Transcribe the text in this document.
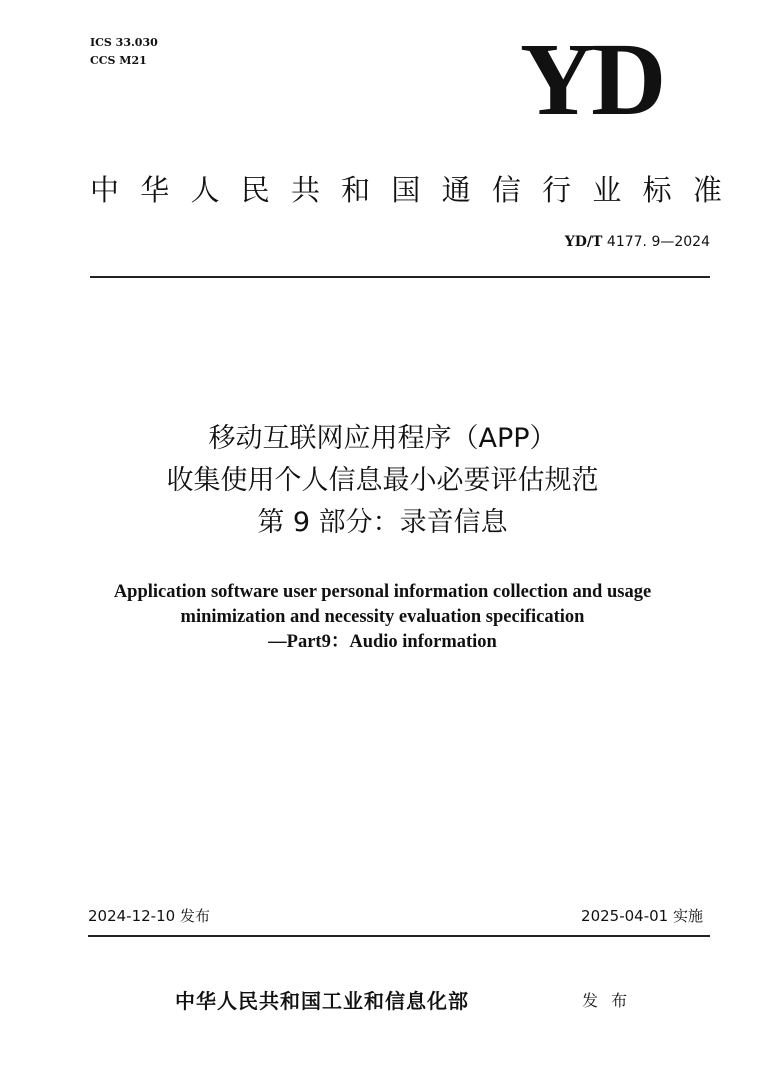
ICS 33.030
CCS M21	YD
中 华 人 民 共 和 国 通 信 行 业 标 准
YD/T 4177. 9—2024
移动互联网应用程序（APP）
收集使用个人信息最小必要评估规范
第 9 部分：录音信息
Application software user personal information collection and usage
minimization and necessity evaluation specification
—Part9：Audio information
2024-12-10 发布	2025-04-01 实施
中华人民共和国工业和信息化部	发 布
